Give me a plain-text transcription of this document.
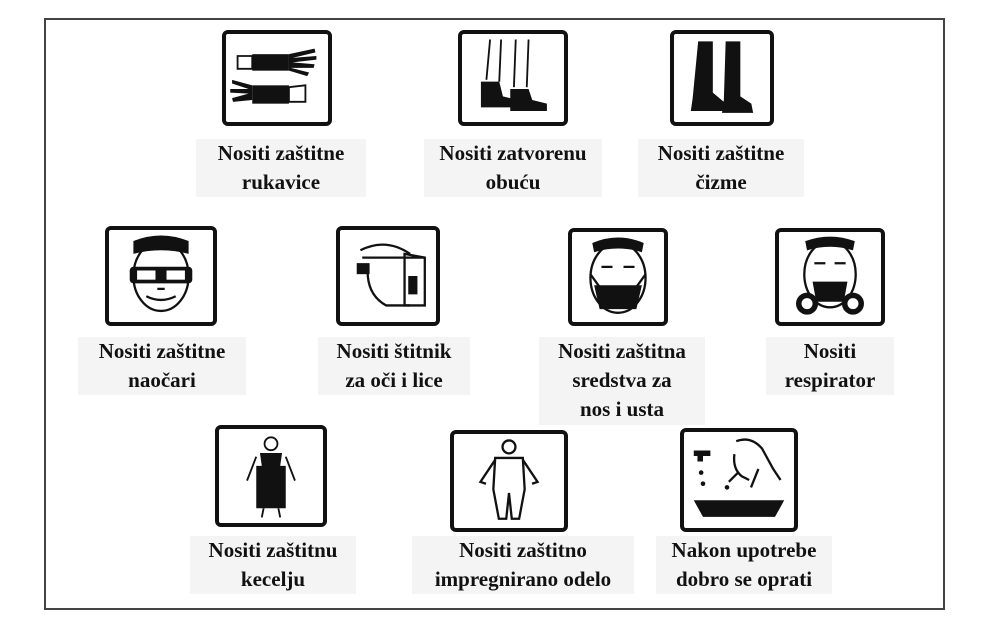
Nositi zaštitne
rukavice
Nositi zatvorenu
obuću
Nositi zaštitne
čizme
Nositi zaštitne
naočari
Nositi štitnik
za oči i lice
Nositi zaštitna
sredstva za
nos i usta
Nositi
respirator
Nositi zaštitnu
kecelju
Nositi zaštitno
impregnirano odelo
Nakon upotrebe
dobro se oprati
